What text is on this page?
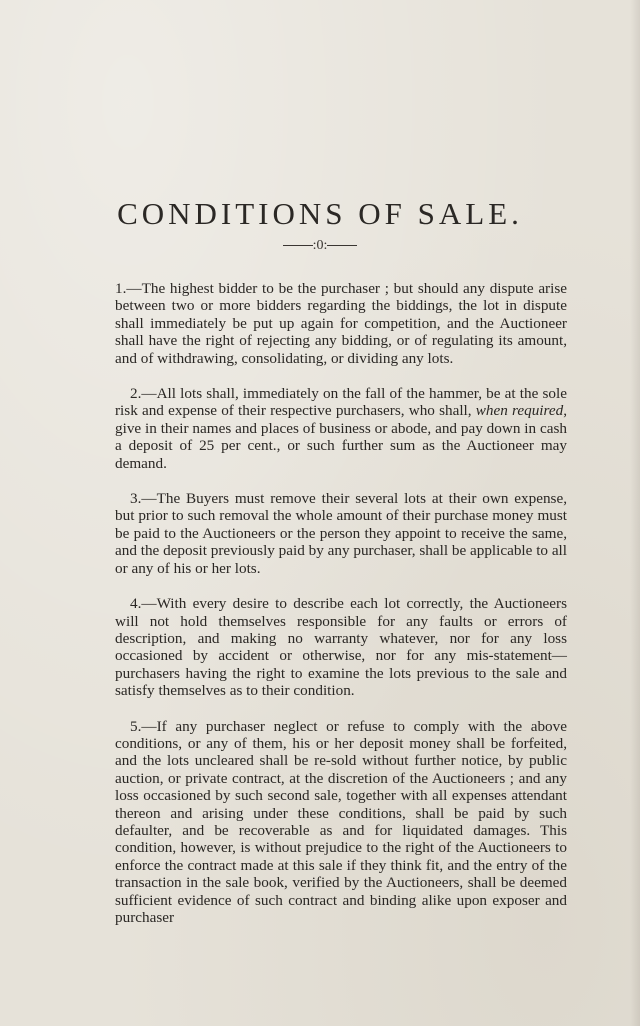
CONDITIONS OF SALE.
:0:

1.—The highest bidder to be the purchaser ; but should any dispute arise between two or more bidders regarding the biddings, the lot in dispute shall immediately be put up again for competition, and the Auctioneer shall have the right of rejecting any bidding, or of regulating its amount, and of withdrawing, consolidating, or dividing any lots.

2.—All lots shall, immediately on the fall of the hammer, be at the sole risk and expense of their respective purchasers, who shall, when required, give in their names and places of business or abode, and pay down in cash a deposit of 25 per cent., or such further sum as the Auctioneer may demand.

3.—The Buyers must remove their several lots at their own expense, but prior to such removal the whole amount of their purchase money must be paid to the Auctioneers or the person they appoint to receive the same, and the deposit previously paid by any purchaser, shall be applicable to all or any of his or her lots.

4.—With every desire to describe each lot correctly, the Auctioneers will not hold themselves responsible for any faults or errors of description, and making no warranty whatever, nor for any loss occasioned by accident or otherwise, nor for any mis-statement—purchasers having the right to examine the lots previous to the sale and satisfy themselves as to their condition.

5.—If any purchaser neglect or refuse to comply with the above conditions, or any of them, his or her deposit money shall be forfeited, and the lots uncleared shall be re-sold without further notice, by public auction, or private contract, at the discretion of the Auctioneers ; and any loss occasioned by such second sale, together with all expenses attendant thereon and arising under these conditions, shall be paid by such defaulter, and be recoverable as and for liquidated damages. This condition, however, is without prejudice to the right of the Auctioneers to enforce the contract made at this sale if they think fit, and the entry of the transaction in the sale book, verified by the Auctioneers, shall be deemed sufficient evidence of such contract and binding alike upon exposer and purchaser
